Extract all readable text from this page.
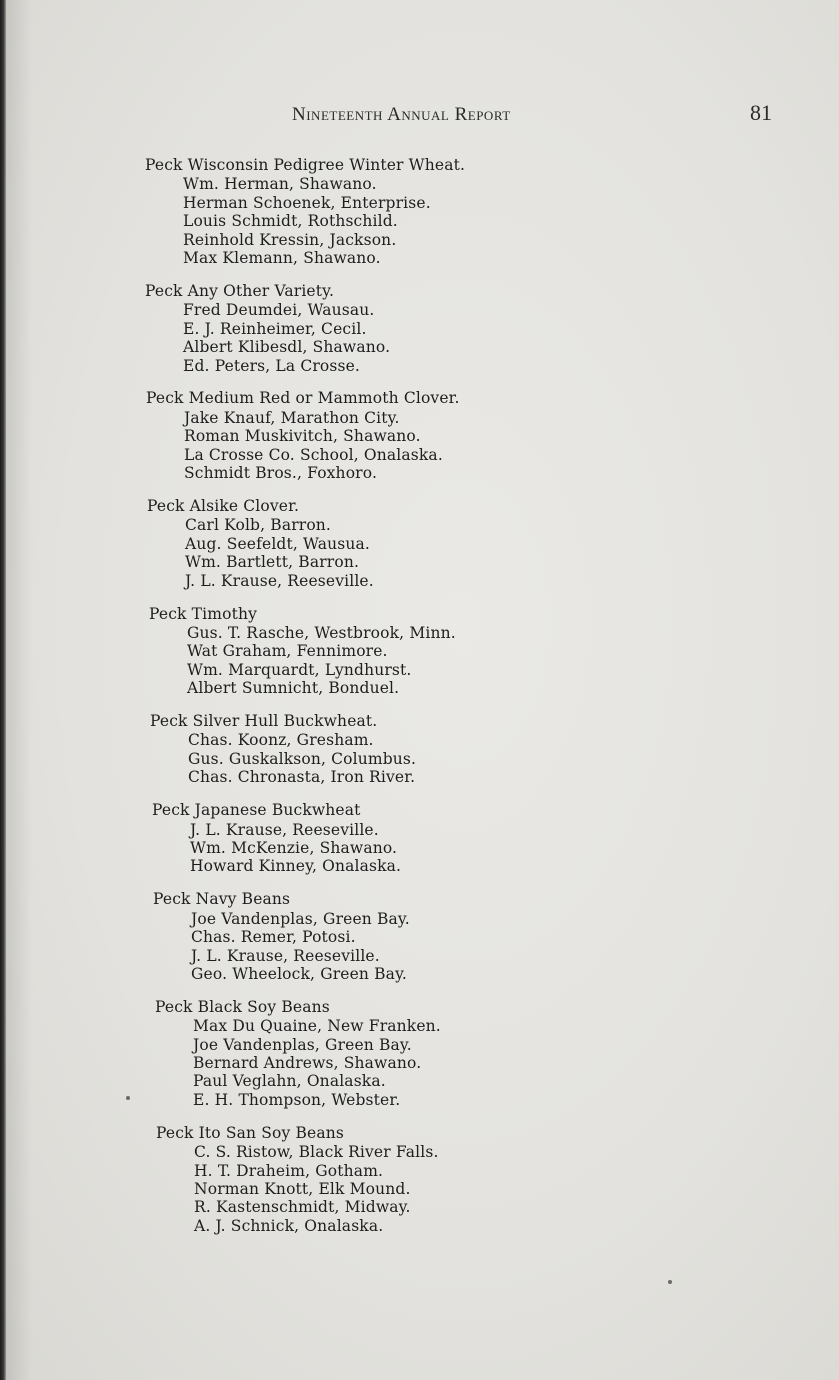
Nineteenth Annual Report	81
Peck Wisconsin Pedigree Winter Wheat.
Wm. Herman, Shawano.
Herman Schoenek, Enterprise.
Louis Schmidt, Rothschild.
Reinhold Kressin, Jackson.
Max Klemann, Shawano.
Peck Any Other Variety.
Fred Deumdei, Wausau.
E. J. Reinheimer, Cecil.
Albert Klibesdl, Shawano.
Ed. Peters, La Crosse.
Peck Medium Red or Mammoth Clover.
Jake Knauf, Marathon City.
Roman Muskivitch, Shawano.
La Crosse Co. School, Onalaska.
Schmidt Bros., Foxhoro.
Peck Alsike Clover.
Carl Kolb, Barron.
Aug. Seefeldt, Wausua.
Wm. Bartlett, Barron.
J. L. Krause, Reeseville.
Peck Timothy
Gus. T. Rasche, Westbrook, Minn.
Wat Graham, Fennimore.
Wm. Marquardt, Lyndhurst.
Albert Sumnicht, Bonduel.
Peck Silver Hull Buckwheat.
Chas. Koonz, Gresham.
Gus. Guskalkson, Columbus.
Chas. Chronasta, Iron River.
Peck Japanese Buckwheat
J. L. Krause, Reeseville.
Wm. McKenzie, Shawano.
Howard Kinney, Onalaska.
Peck Navy Beans
Joe Vandenplas, Green Bay.
Chas. Remer, Potosi.
J. L. Krause, Reeseville.
Geo. Wheelock, Green Bay.
Peck Black Soy Beans
Max Du Quaine, New Franken.
Joe Vandenplas, Green Bay.
Bernard Andrews, Shawano.
Paul Veglahn, Onalaska.
E. H. Thompson, Webster.
Peck Ito San Soy Beans
C. S. Ristow, Black River Falls.
H. T. Draheim, Gotham.
Norman Knott, Elk Mound.
R. Kastenschmidt, Midway.
A. J. Schnick, Onalaska.
